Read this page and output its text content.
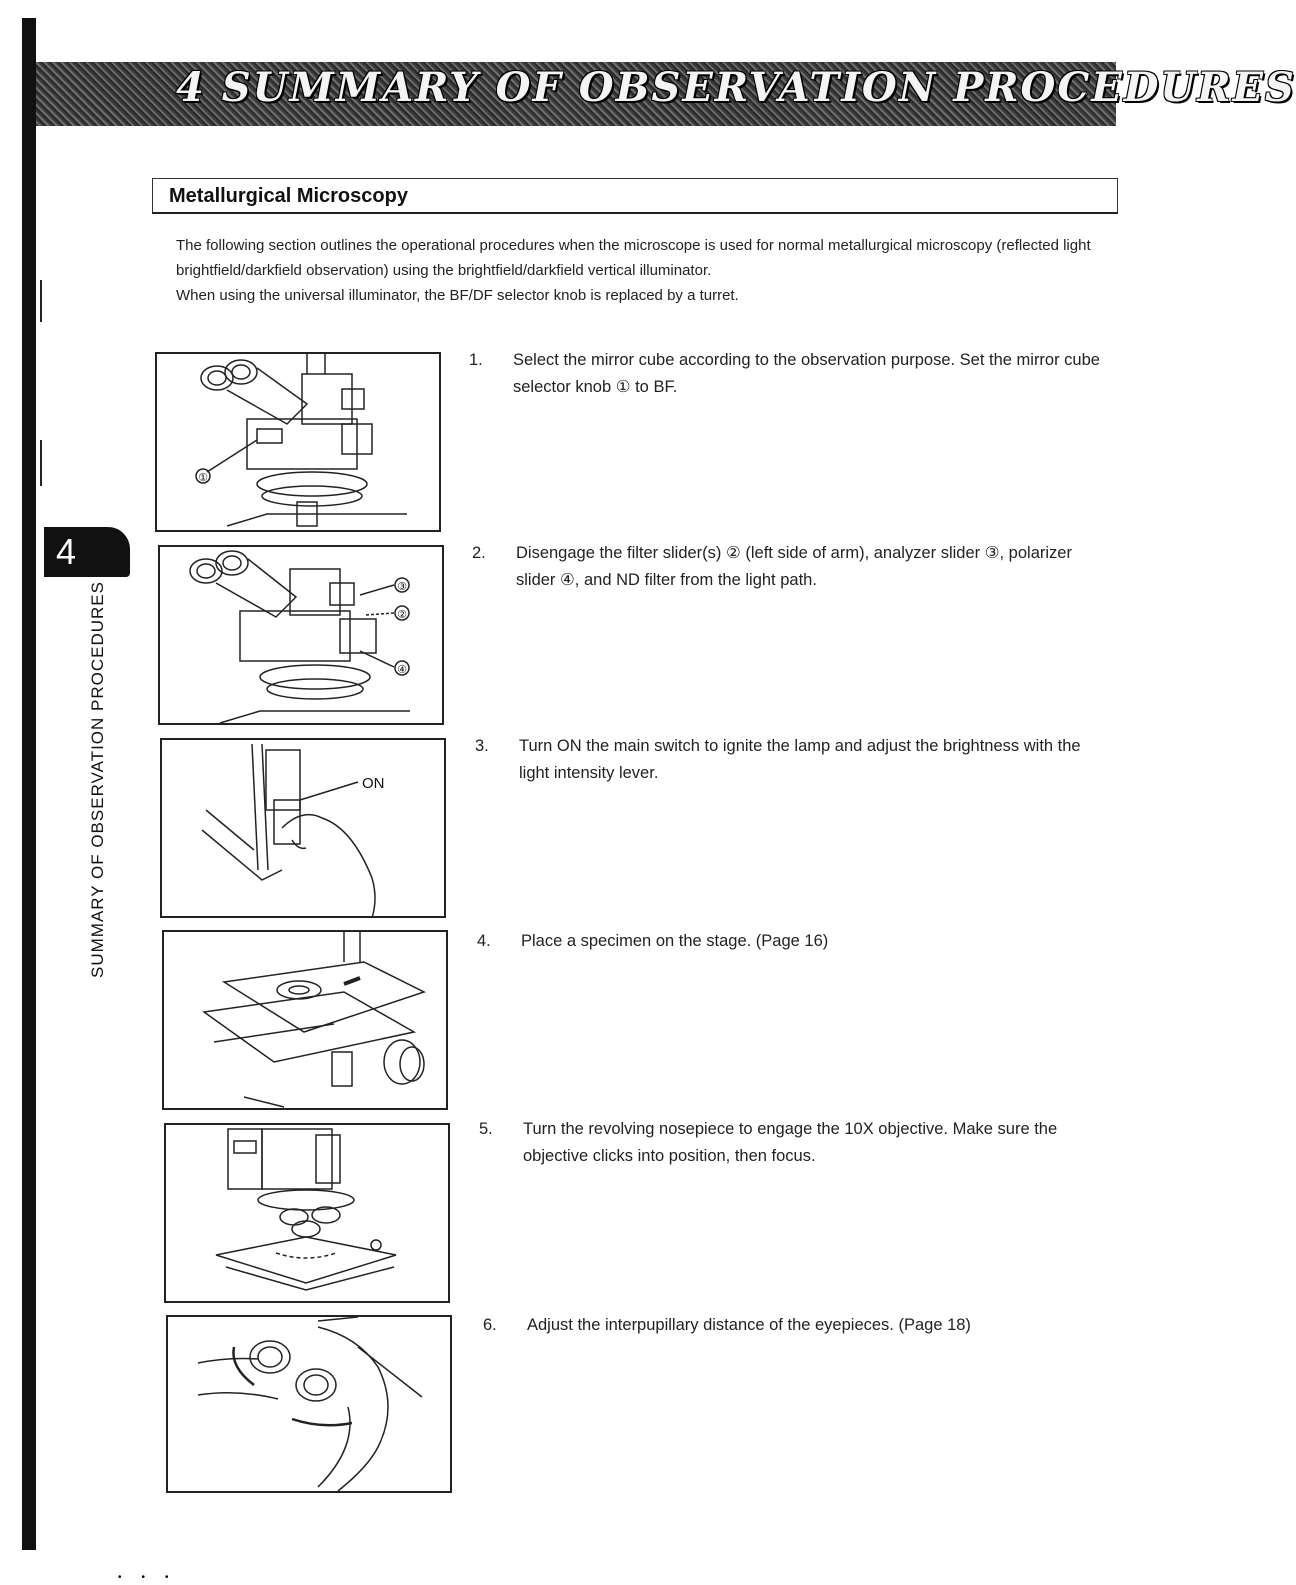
4
SUMMARY OF OBSERVATION PROCEDURES
4 SUMMARY OF OBSERVATION PROCEDURES
Metallurgical Microscopy

The following section outlines the operational procedures when the microscope is used for normal metallurgical microscopy (reflected light brightfield/darkfield observation) using the brightfield/darkfield vertical illuminator.

When using the universal illuminator, the BF/DF selector knob is replaced by a turret.

①
③
②
④
ON
1. Select the mirror cube according to the observation purpose. Set the mirror cube selector knob ① to BF.
2. Disengage the filter slider(s) ② (left side of arm), analyzer slider ③, polarizer slider ④, and ND filter from the light path.
3. Turn ON the main switch to ignite the lamp and adjust the brightness with the light intensity lever.
4. Place a specimen on the stage. (Page 16)
5. Turn the revolving nosepiece to engage the 10X objective. Make sure the objective clicks into position, then focus.
6. Adjust the interpupillary distance of the eyepieces. (Page 18)
•••
